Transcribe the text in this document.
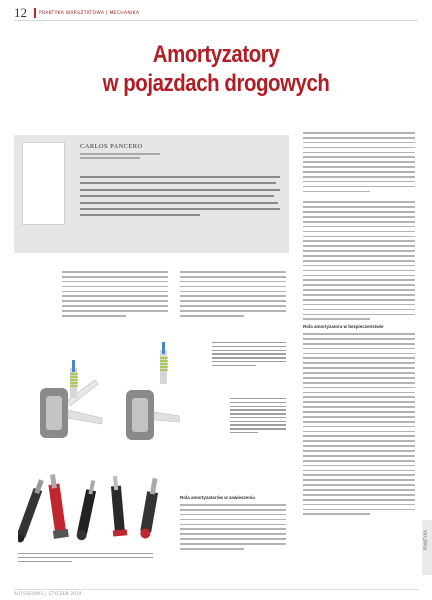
12	PRAKTYKA WARSZTATOWA | MECHANIKA
Amortyzatory
w pojazdach drogowych
CARLOS PANCERO
Rola amortyzatora w bezpieczeństwie
Rola amortyzatorów w zawieszeniu
PRAKTYKA
AUTOSERWIS | STYCZEŃ 2014
